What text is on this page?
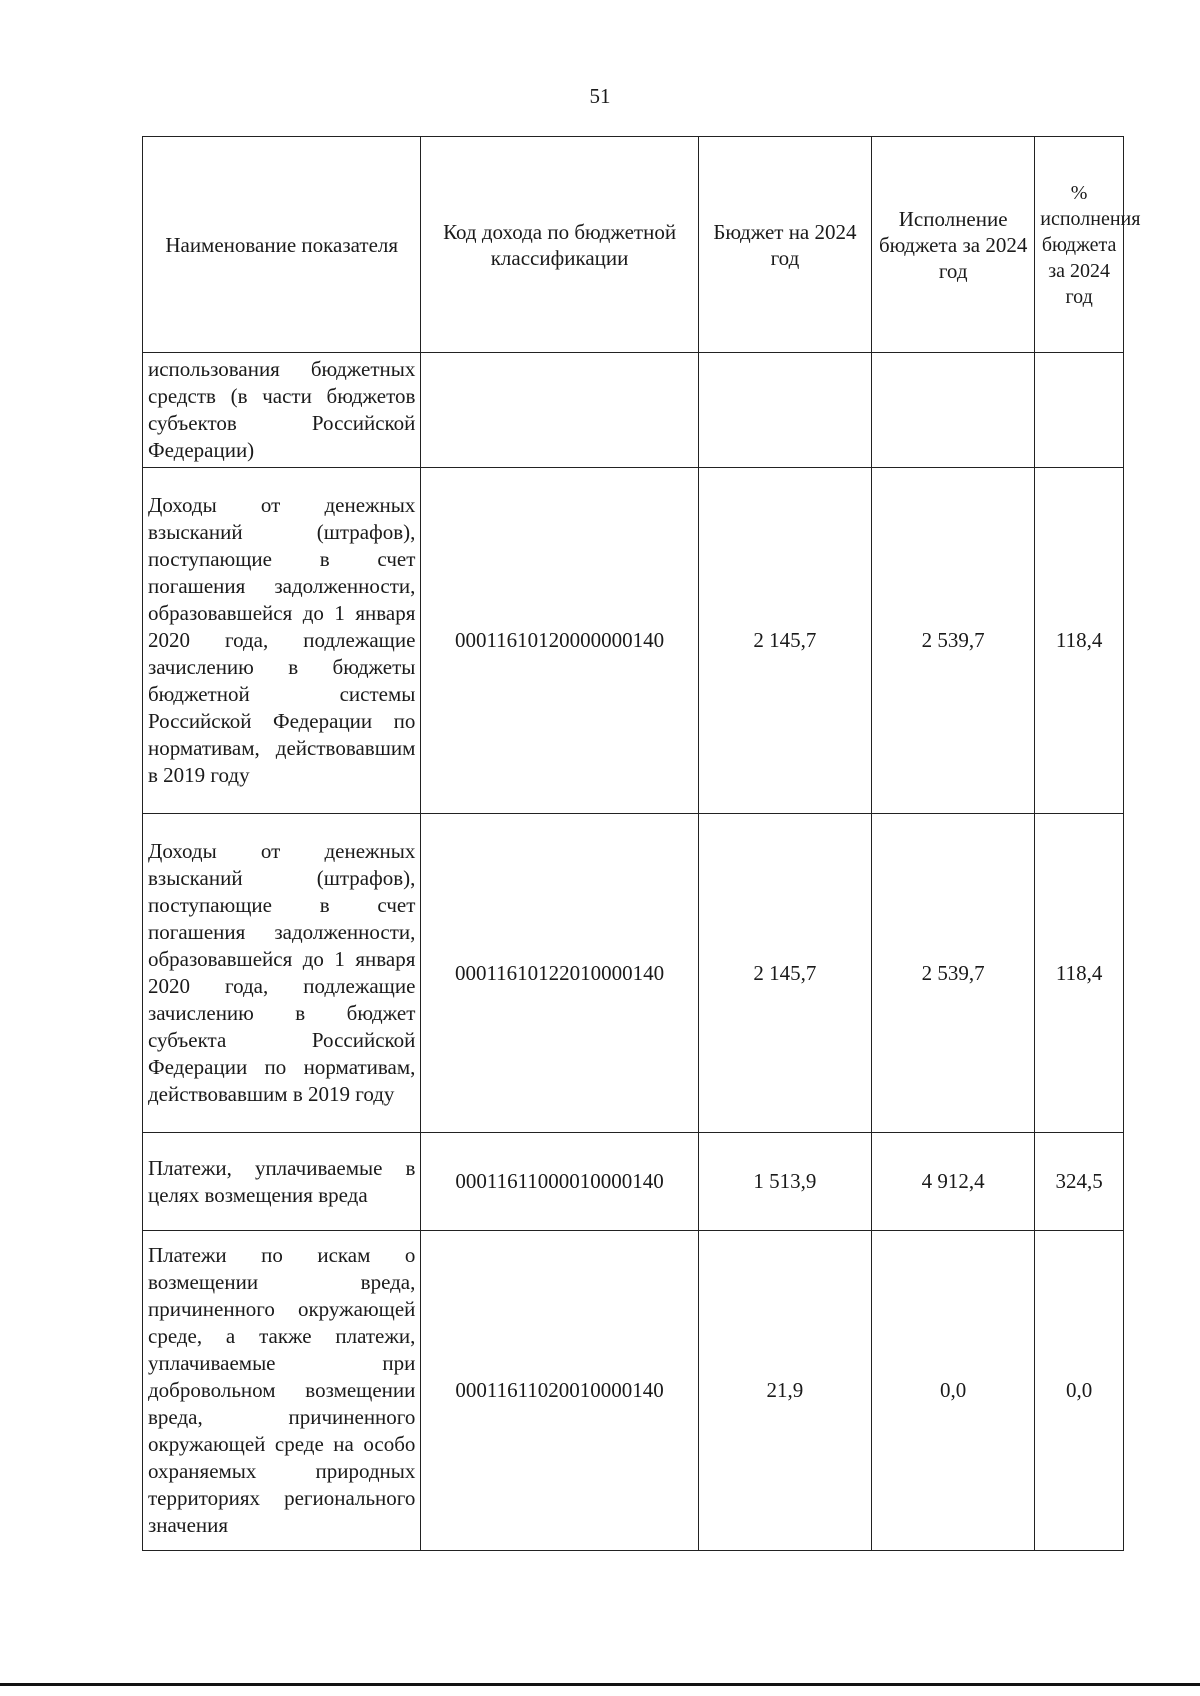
51
Наименование показателя	Код дохода по бюджетной классификации	Бюджет на 2024 год	Исполнение бюджета за 2024 год	% исполнения бюджета за 2024 год
использования бюджетных средств (в части бюджетов субъектов Российской Федерации)				
Доходы от денежных взысканий (штрафов), поступающие в счет погашения задолженности, образовавшейся до 1 января 2020 года, подлежащие зачислению в бюджеты бюджетной системы Российской Федерации по нормативам, действовавшим в 2019 году	00011610120000000140	2 145,7	2 539,7	118,4
Доходы от денежных взысканий (штрафов), поступающие в счет погашения задолженности, образовавшейся до 1 января 2020 года, подлежащие зачислению в бюджет субъекта Российской Федерации по нормативам, действовавшим в 2019 году	00011610122010000140	2 145,7	2 539,7	118,4
Платежи, уплачиваемые в целях возмещения вреда	00011611000010000140	1 513,9	4 912,4	324,5
Платежи по искам о возмещении вреда, причиненного окружающей среде, а также платежи, уплачиваемые при добровольном возмещении вреда, причиненного окружающей среде на особо охраняемых природных территориях регионального значения	00011611020010000140	21,9	0,0	0,0
